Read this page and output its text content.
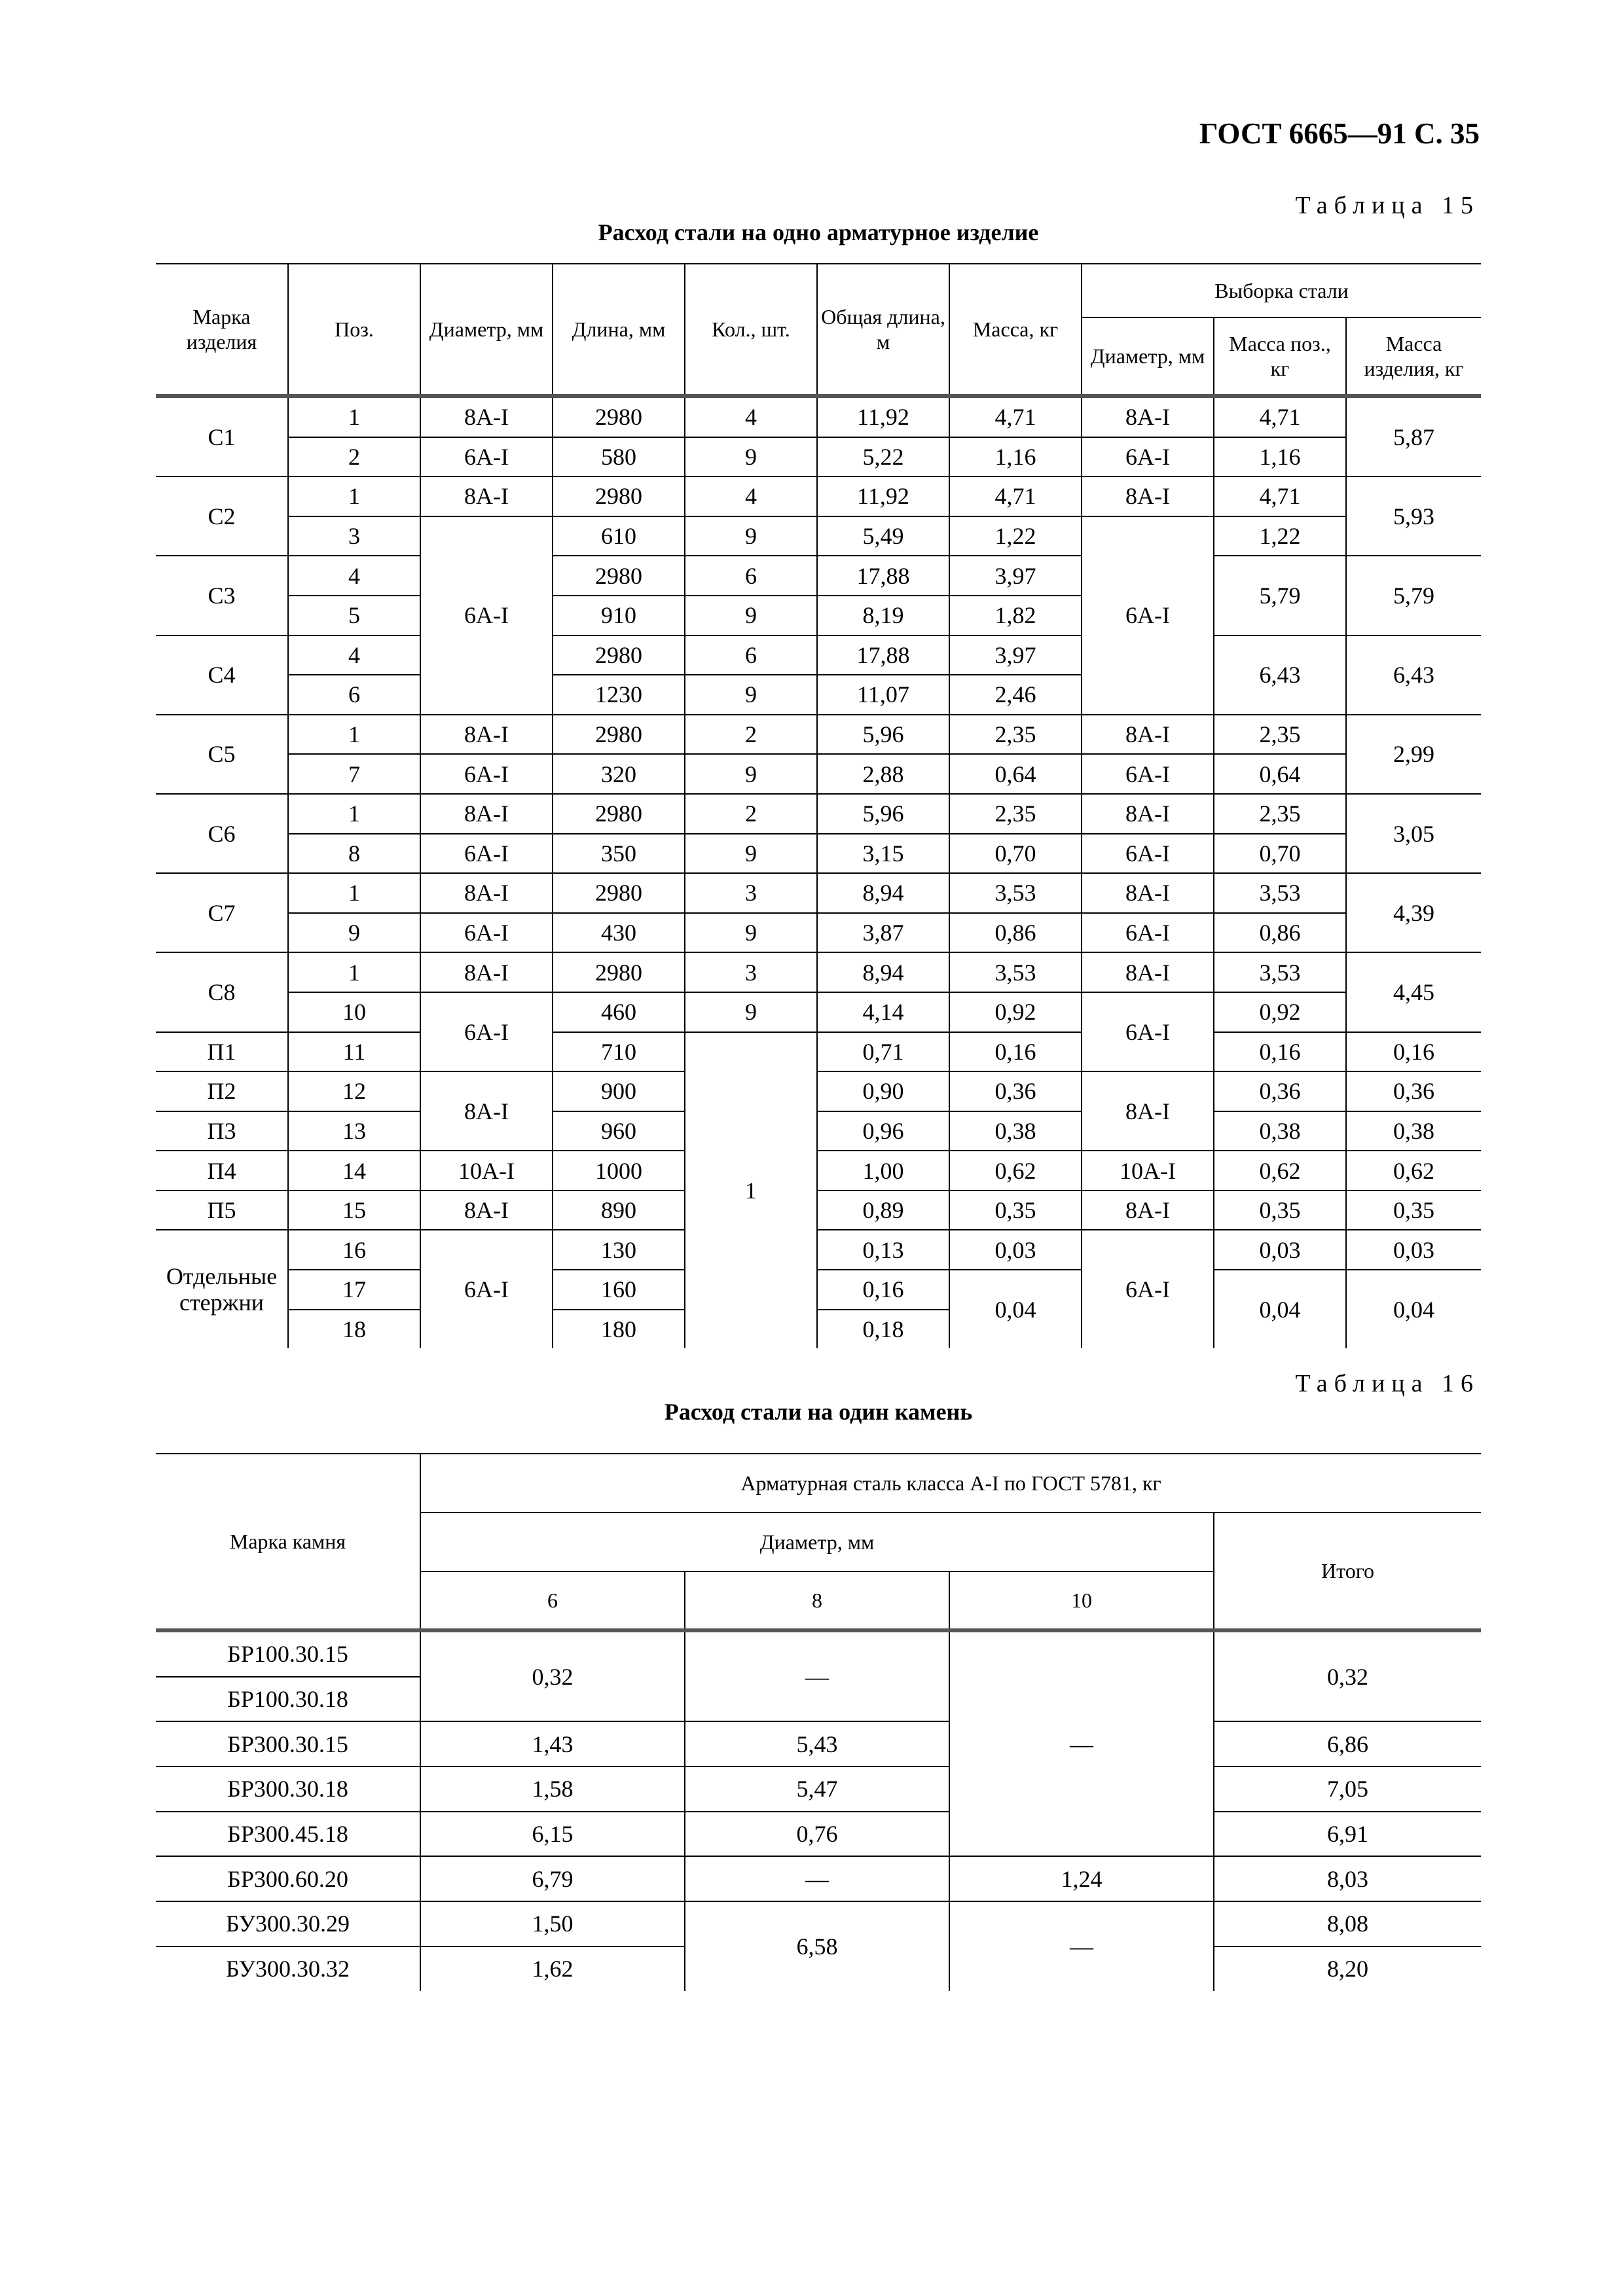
ГОСТ 6665—91 С. 35
Таблица 15
Расход стали на одно арматурное изделие
Марка изделия	Поз.	Диаметр, мм	Длина, мм	Кол., шт.	Общая длина, м	Масса, кг	Выборка стали		
							Диаметр, мм	Масса поз., кг	Масса изделия, кг
С1	1	8А-I	2980	4	11,92	4,71	8А-I	4,71	5,87
	2	6А-I	580	9	5,22	1,16	6А-I	1,16	
С2	1	8А-I	2980	4	11,92	4,71	8А-I	4,71	5,93
	3	6А-I	610	9	5,49	1,22	6А-I	1,22	
С3	4		2980	6	17,88	3,97		5,79	5,79
	5		910	9	8,19	1,82			
С4	4		2980	6	17,88	3,97		6,43	6,43
	6		1230	9	11,07	2,46			
С5	1	8А-I	2980	2	5,96	2,35	8А-I	2,35	2,99
	7	6А-I	320	9	2,88	0,64	6А-I	0,64	
С6	1	8А-I	2980	2	5,96	2,35	8А-I	2,35	3,05
	8	6А-I	350	9	3,15	0,70	6А-I	0,70	
С7	1	8А-I	2980	3	8,94	3,53	8А-I	3,53	4,39
	9	6А-I	430	9	3,87	0,86	6А-I	0,86	
С8	1	8А-I	2980	3	8,94	3,53	8А-I	3,53	4,45
	10	6А-I	460	9	4,14	0,92	6А-I	0,92	
П1	11		710	1	0,71	0,16		0,16	0,16
П2	12	8А-I	900		0,90	0,36	8А-I	0,36	0,36
П3	13		960		0,96	0,38		0,38	0,38
П4	14	10А-I	1000		1,00	0,62	10А-I	0,62	0,62
П5	15	8А-I	890		0,89	0,35	8А-I	0,35	0,35
Отдельные стержни	16	6А-I	130		0,13	0,03	6А-I	0,03	0,03
	17		160		0,16	0,04		0,04	0,04
	18		180		0,18				
Таблица 16
Расход стали на один камень
Марка камня	Арматурная сталь класса А-I по ГОСТ 5781, кг			
	Диаметр, мм			Итого
	6	8	10	
БР100.30.15	0,32	—	—	0,32
БР100.30.18				
БР300.30.15	1,43	5,43		6,86
БР300.30.18	1,58	5,47		7,05
БР300.45.18	6,15	0,76		6,91
БР300.60.20	6,79	—	1,24	8,03
БУ300.30.29	1,50	6,58	—	8,08
БУ300.30.32	1,62			8,20
